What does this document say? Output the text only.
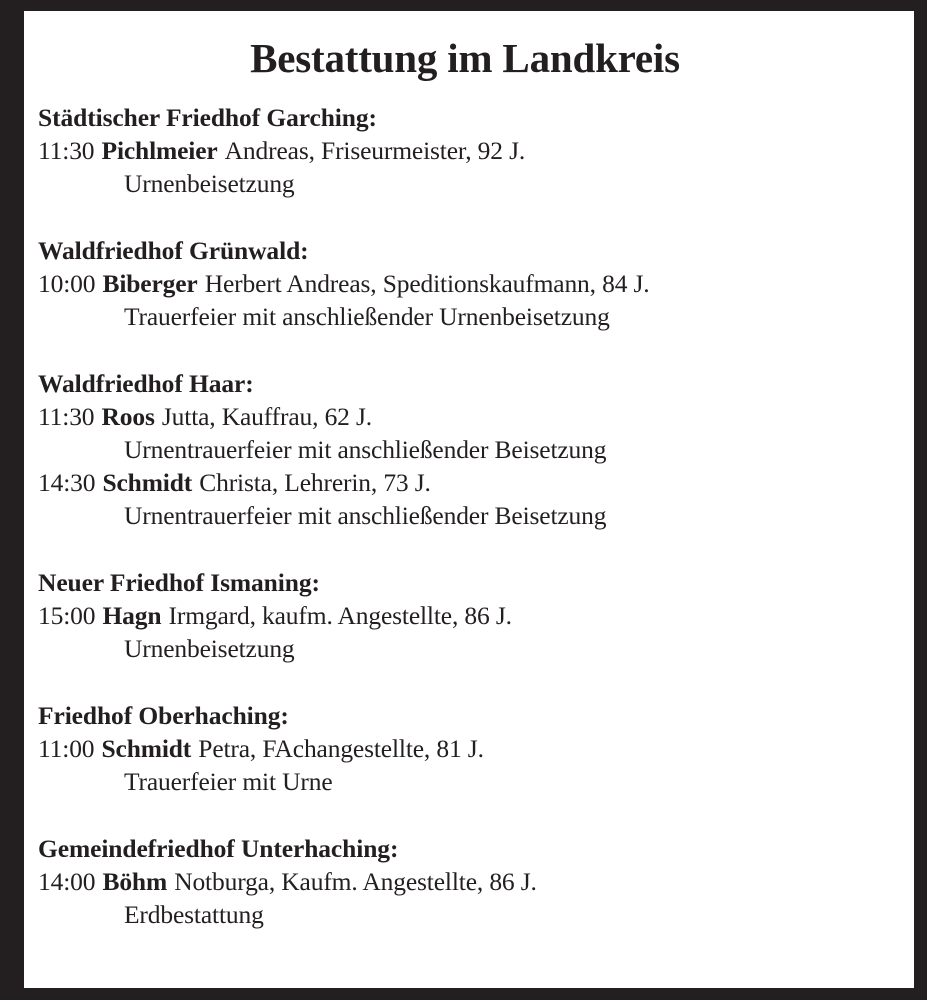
Bestattung im Landkreis
Städtischer Friedhof Garching:
11:30 Pichlmeier Andreas, Friseurmeister, 92 J.
Urnenbeisetzung
Waldfriedhof Grünwald:
10:00 Biberger Herbert Andreas, Speditionskaufmann, 84 J.
Trauerfeier mit anschließender Urnenbeisetzung
Waldfriedhof Haar:
11:30 Roos Jutta, Kauffrau, 62 J.
Urnentrauerfeier mit anschließender Beisetzung
14:30 Schmidt Christa, Lehrerin, 73 J.
Urnentrauerfeier mit anschließender Beisetzung
Neuer Friedhof Ismaning:
15:00 Hagn Irmgard, kaufm. Angestellte, 86 J.
Urnenbeisetzung
Friedhof Oberhaching:
11:00 Schmidt Petra, FAchangestellte, 81 J.
Trauerfeier mit Urne
Gemeindefriedhof Unterhaching:
14:00 Böhm Notburga, Kaufm. Angestellte, 86 J.
Erdbestattung
